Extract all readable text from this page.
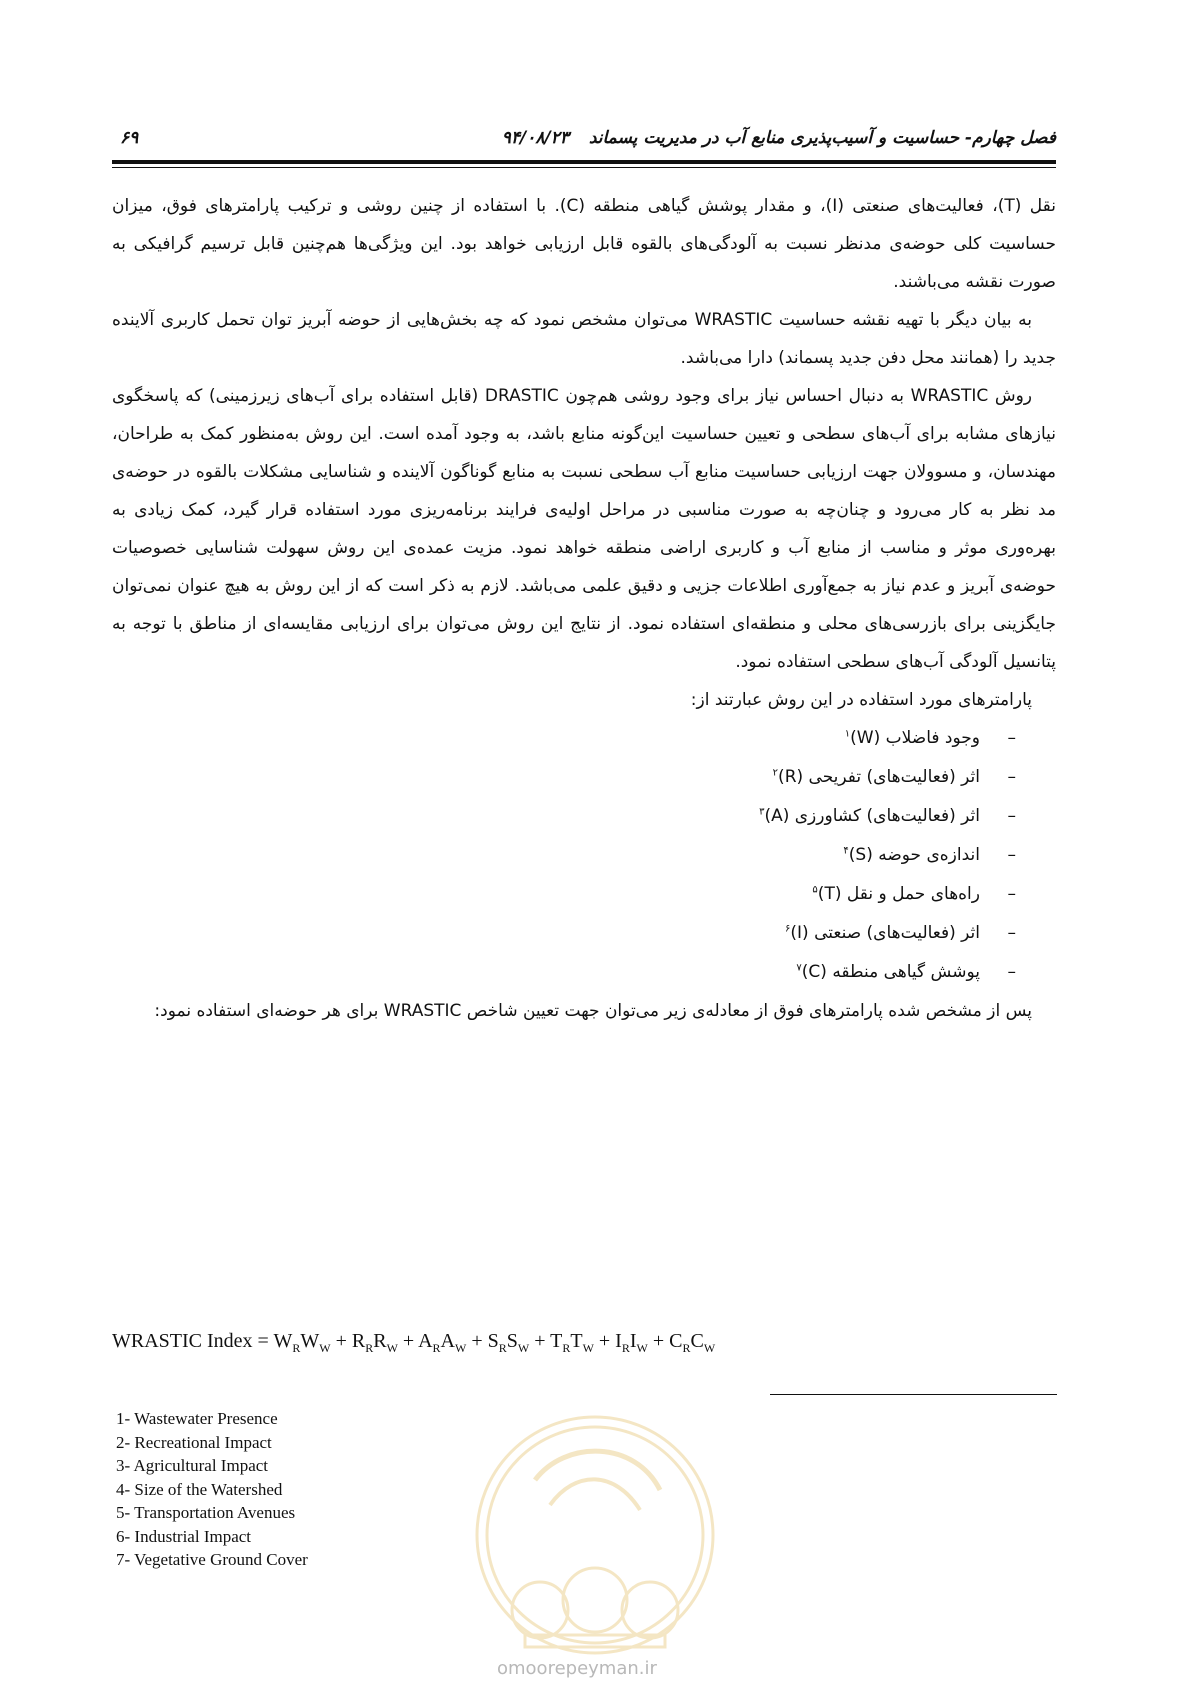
۶۹	فصل چهارم- حساسیت و آسیب‌پذیری منابع آب در مدیریت پسماند ۹۴/۰۸/۲۳

نقل (T)، فعالیت‌های صنعتی (I)، و مقدار پوشش گیاهی منطقه (C). با استفاده از چنین روشی و ترکیب پارامترهای فوق، میزان حساسیت کلی حوضه‌ی مدنظر نسبت به آلودگی‌های بالقوه قابل ارزیابی خواهد بود. این ویژگی‌ها هم‌چنین قابل ترسیم گرافیکی به صورت نقشه می‌باشند.

به بیان دیگر با تهیه نقشه حساسیت WRASTIC می‌توان مشخص نمود که چه بخش‌هایی از حوضه آبریز توان تحمل کاربری آلاینده جدید را (همانند محل دفن جدید پسماند) دارا می‌باشد.

روش WRASTIC به دنبال احساس نیاز برای وجود روشی هم‌چون DRASTIC (قابل استفاده برای آب‌های زیرزمینی) که پاسخگوی نیازهای مشابه برای آب‌های سطحی و تعیین حساسیت این‌گونه منابع باشد، به وجود آمده است. این روش به‌منظور کمک به طراحان، مهندسان، و مسوولان جهت ارزیابی حساسیت منابع آب سطحی نسبت به منابع گوناگون آلاینده و شناسایی مشکلات بالقوه در حوضه‌ی مد نظر به کار می‌رود و چنان‌چه به صورت مناسبی در مراحل اولیه‌ی فرایند برنامه‌ریزی مورد استفاده قرار گیرد، کمک زیادی به بهره‌وری موثر و مناسب از منابع آب و کاربری اراضی منطقه خواهد نمود. مزیت عمده‌ی این روش سهولت شناسایی خصوصیات حوضه‌ی آبریز و عدم نیاز به جمع‌آوری اطلاعات جزیی و دقیق علمی می‌باشد. لازم به ذکر است که از این روش به هیچ عنوان نمی‌توان جایگزینی برای بازرسی‌های محلی و منطقه‌ای استفاده نمود. از نتایج این روش می‌توان برای ارزیابی مقایسه‌ای از مناطق با توجه به پتانسیل آلودگی آب‌های سطحی استفاده نمود.

پارامترهای مورد استفاده در این روش عبارتند از:

–وجود فاضلاب $(W)^۱$
–اثر (فعالیت‌های) تفریحی $(R)^۲$
–اثر (فعالیت‌های) کشاورزی $(A)^۳$
–اندازه‌ی حوضه $(S)^۴$
–راه‌های حمل و نقل $(T)^۵$
–اثر (فعالیت‌های) صنعتی $(I)^۶$
–پوشش گیاهی منطقه $(C)^۷$

پس از مشخص شده پارامترهای فوق از معادله‌ی زیر می‌توان جهت تعیین شاخص WRASTIC برای هر حوضه‌ای استفاده نمود:

WRASTIC Index = $W_RW_W + R_RR_W + A_RA_W + S_RS_W + T_RT_W + I_RI_W + C_RC_W$
1- Wastewater Presence
2- Recreational Impact
3- Agricultural Impact
4- Size of the Watershed
5- Transportation Avenues
6- Industrial Impact
7- Vegetative Ground Cover
omoorepeyman.ir
